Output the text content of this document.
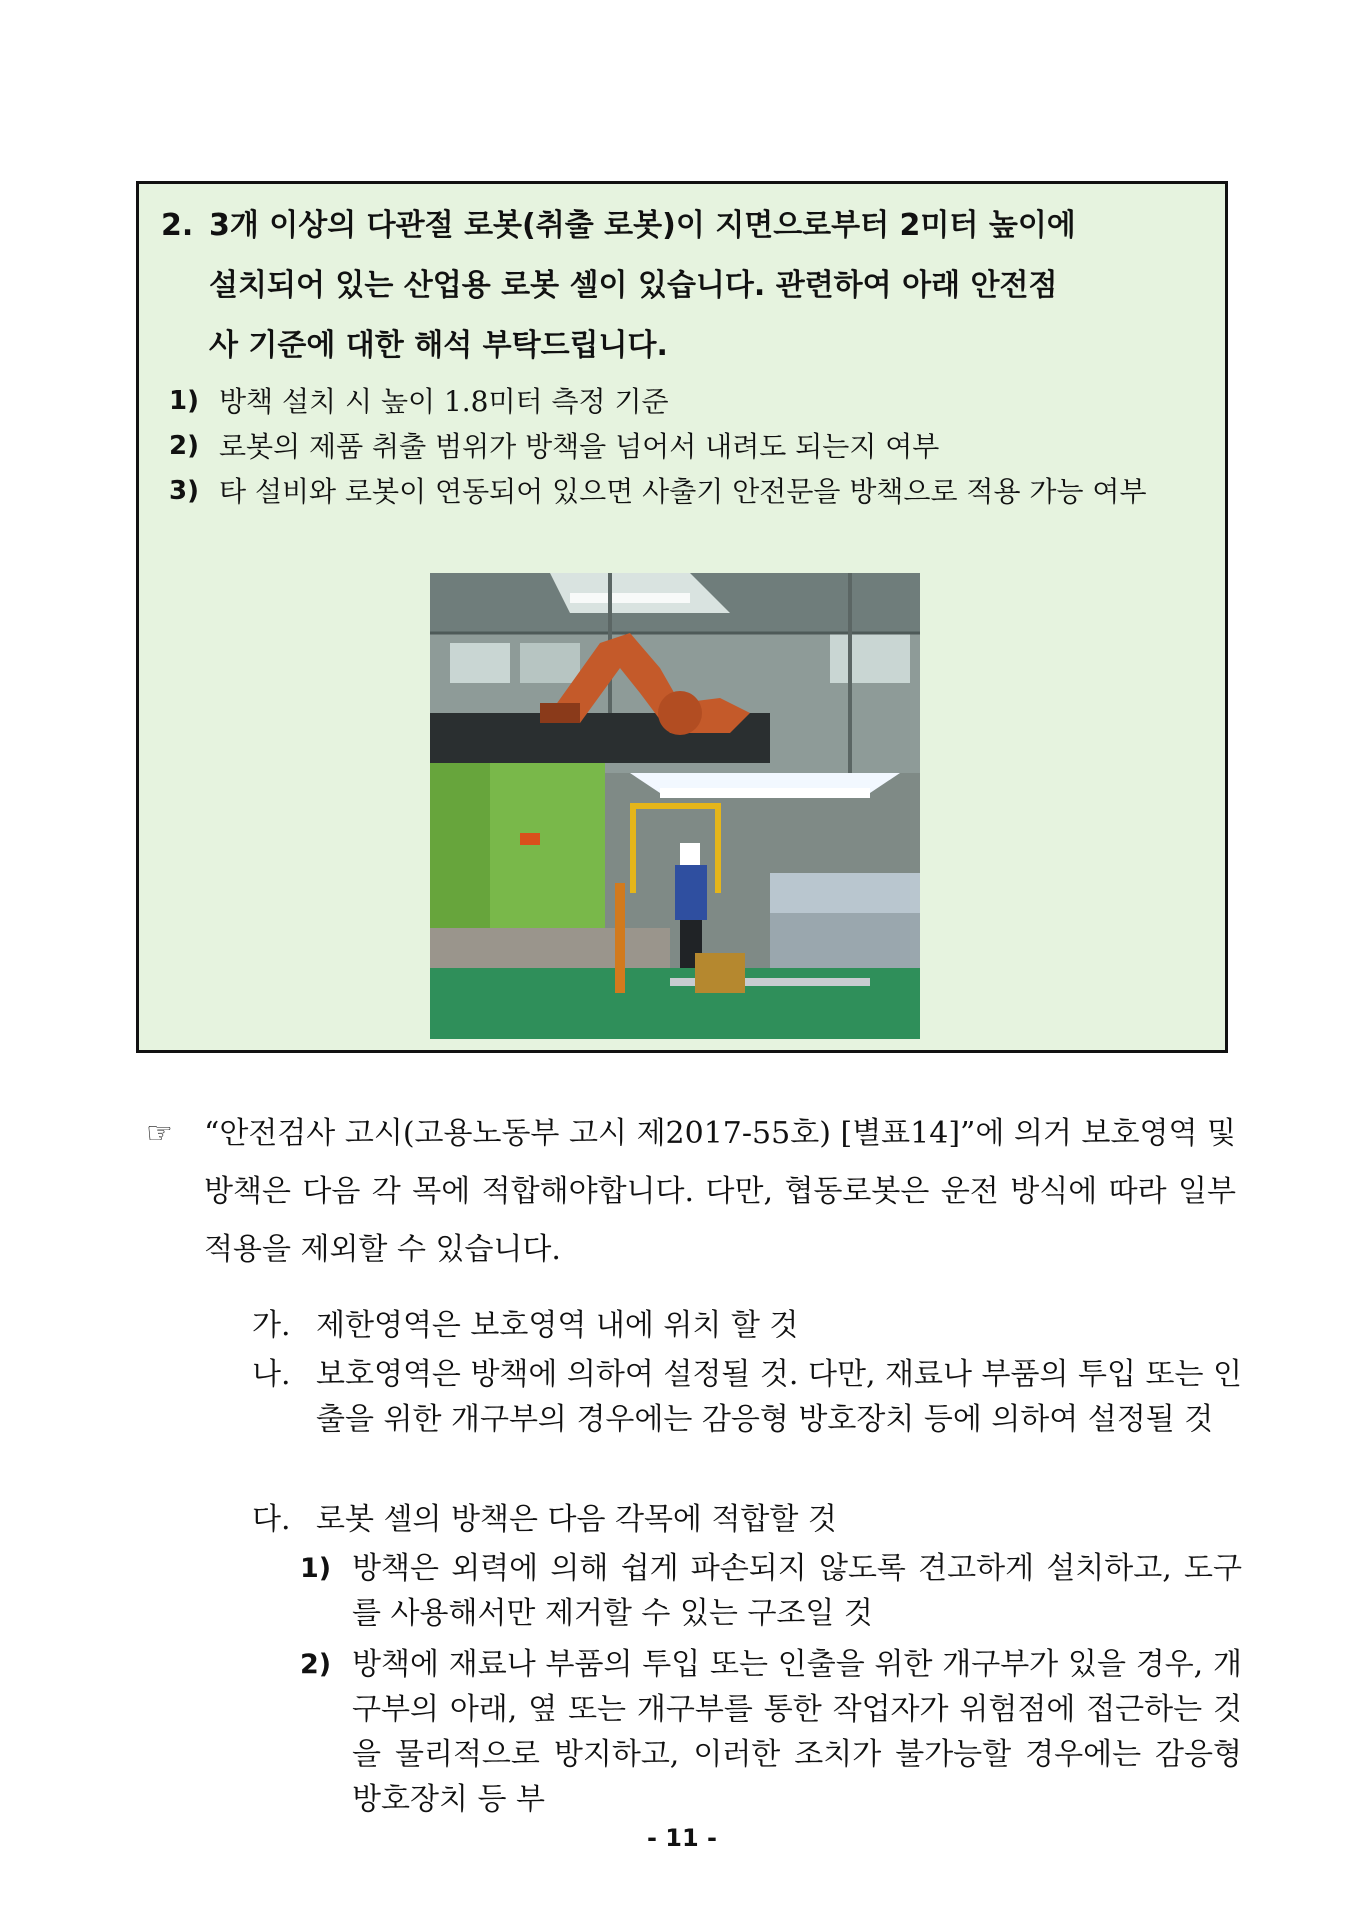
2. 3개 이상의 다관절 로봇(취출 로봇)이 지면으로부터 2미터 높이에
설치되어 있는 산업용 로봇 셀이 있습니다. 관련하여 아래 안전점
사 기준에 대한 해석 부탁드립니다.
1) 방책 설치 시 높이 1.8미터 측정 기준
2) 로봇의 제품 취출 범위가 방책을 넘어서 내려도 되는지 여부
3) 타 설비와 로봇이 연동되어 있으면 사출기 안전문을 방책으로 적용 가능 여부
☞ “안전검사 고시(고용노동부 고시 제2017-55호) [별표14]”에 의거 보호영역 및 방책은 다음 각 목에 적합해야합니다. 다만, 협동로봇은 운전 방식에 따라 일부 적용을 제외할 수 있습니다.
가. 제한영역은 보호영역 내에 위치 할 것
나. 보호영역은 방책에 의하여 설정될 것. 다만, 재료나 부품의 투입 또는 인출을 위한 개구부의 경우에는 감응형 방호장치 등에 의하여 설정될 것
다. 로봇 셀의 방책은 다음 각목에 적합할 것
1) 방책은 외력에 의해 쉽게 파손되지 않도록 견고하게 설치하고, 도구를 사용해서만 제거할 수 있는 구조일 것
2) 방책에 재료나 부품의 투입 또는 인출을 위한 개구부가 있을 경우, 개구부의 아래, 옆 또는 개구부를 통한 작업자가 위험점에 접근하는 것을 물리적으로 방지하고, 이러한 조치가 불가능할 경우에는 감응형 방호장치 등 부
- 11 -
